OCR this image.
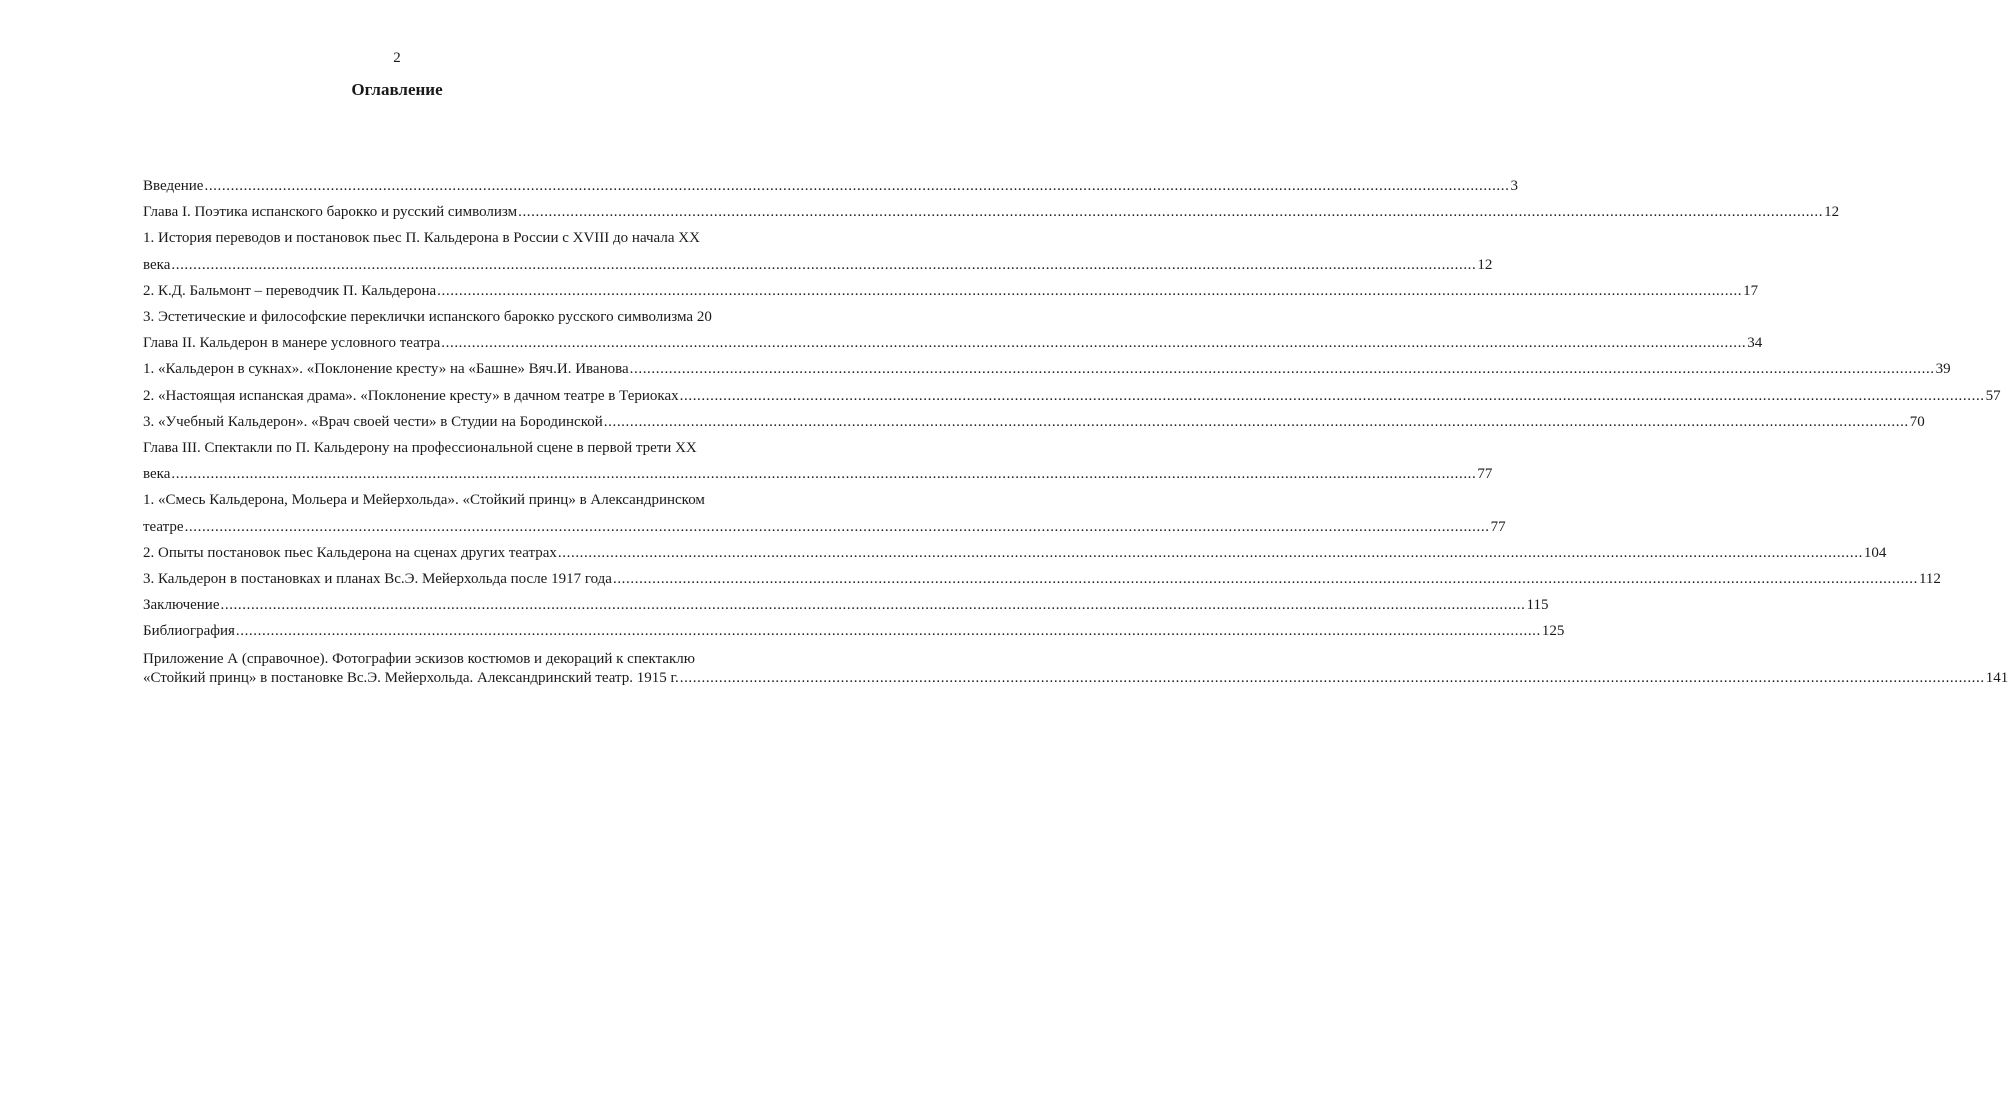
2
Оглавление
Введение ............................................................................................................................................................................................................................................................................................................ 3
Глава I. Поэтика испанского барокко и русский символизм ............................................................................................................................................................................................................................................................................................................ 12
1. История переводов и постановок пьес П. Кальдерона в России с XVIII до начала XX
века ............................................................................................................................................................................................................................................................................................................ 12
2. К.Д. Бальмонт – переводчик П. Кальдерона ............................................................................................................................................................................................................................................................................................................ 17
3. Эстетические и философские переклички испанского барокко русского символизма
20
Глава II. Кальдерон в манере условного театра ............................................................................................................................................................................................................................................................................................................ 34
1. «Кальдерон в сукнах». «Поклонение кресту» на «Башне» Вяч.И. Иванова ............................................................................................................................................................................................................................................................................................................ 39
2. «Настоящая испанская драма». «Поклонение кресту» в дачном театре в Териоках ............................................................................................................................................................................................................................................................................................................ 57
3. «Учебный Кальдерон». «Врач своей чести» в Студии на Бородинской ............................................................................................................................................................................................................................................................................................................ 70
Глава III. Спектакли по П. Кальдерону на профессиональной сцене в первой трети XX
века ............................................................................................................................................................................................................................................................................................................ 77
1. «Смесь Кальдерона, Мольера и Мейерхольда». «Стойкий принц» в Александринском
театре ............................................................................................................................................................................................................................................................................................................ 77
2. Опыты постановок пьес Кальдерона на сценах других театрах ............................................................................................................................................................................................................................................................................................................ 104
3. Кальдерон в постановках и планах Вс.Э. Мейерхольда после 1917 года ............................................................................................................................................................................................................................................................................................................ 112
Заключение ............................................................................................................................................................................................................................................................................................................ 115
Библиография ............................................................................................................................................................................................................................................................................................................ 125
Приложение А (справочное). Фотографии эскизов костюмов и декораций к спектаклю
«Стойкий принц» в постановке Вс.Э. Мейерхольда. Александринский театр. 1915 г. ............................................................................................................................................................................................................................................................................................................ 141
